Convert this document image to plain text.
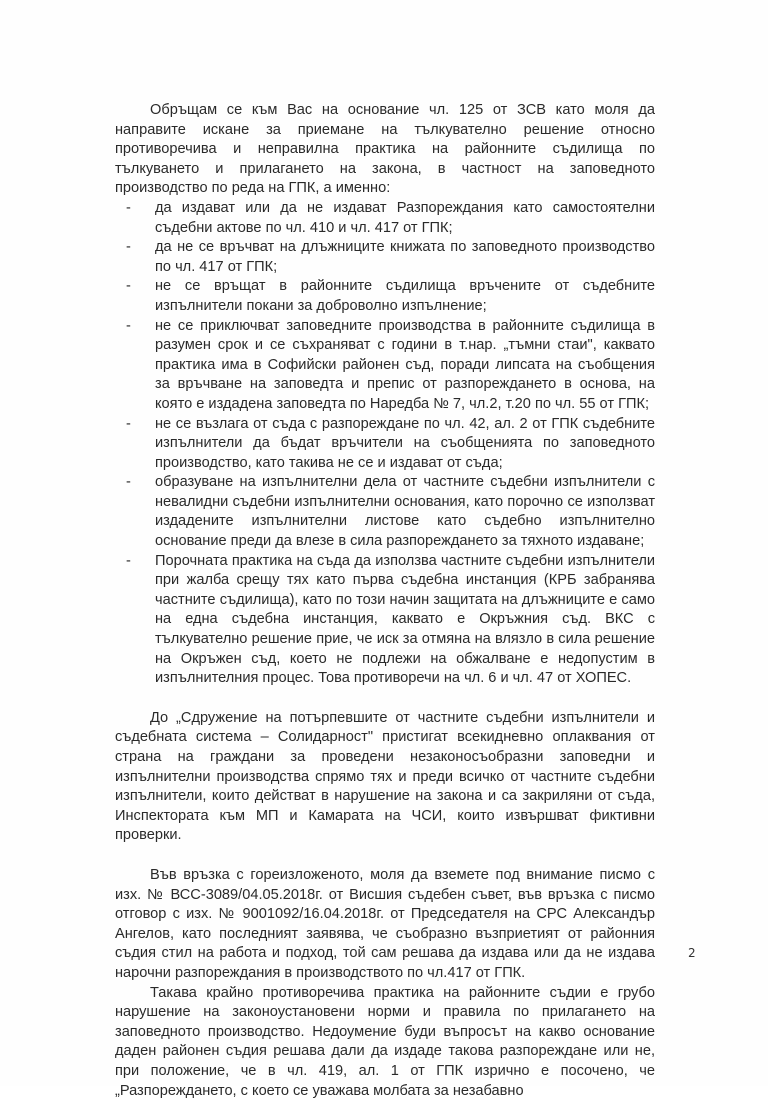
Обръщам се към Вас на основание чл. 125 от ЗСВ като моля да направите искане за приемане на тълкувателно решение относно противоречива и неправилна практика на районните съдилища по тълкуването и прилагането на закона, в частност на заповедното производство по реда на ГПК, а именно:

- да издават или да не издават Разпореждания като самостоятелни съдебни актове по чл. 410 и чл. 417 от ГПК;
- да не се връчват на длъжниците книжата по заповедното производство по чл. 417 от ГПК;
- не се връщат в районните съдилища връчените от съдебните изпълнители покани за доброволно изпълнение;
- не се приключват заповедните производства в районните съдилища в разумен срок и се съхраняват с години в т.нар. „тъмни стаи", каквато практика има в Софийски районен съд, поради липсата на съобщения за връчване на заповедта и препис от разпореждането в основа, на която е издадена заповедта по Наредба № 7, чл.2, т.20 по чл. 55 от ГПК;
- не се възлага от съда с разпореждане по чл. 42, ал. 2 от ГПК съдебните изпълнители да бъдат връчители на съобщенията по заповедното производство, като такива не се и издават от съда;
- образуване на изпълнителни дела от частните съдебни изпълнители с невалидни съдебни изпълнителни основания, като порочно се използват издадените изпълнителни листове като съдебно изпълнително основание преди да влезе в сила разпореждането за тяхното издаване;
- Порочната практика на съда да използва частните съдебни изпълнители при жалба срещу тях като първа съдебна инстанция (КРБ забранява частните съдилища), като по този начин защитата на длъжниците е само на една съдебна инстанция, каквато е Окръжния съд. ВКС с тълкувателно решение прие, че иск за отмяна на влязло в сила решение на Окръжен съд, което не подлежи на обжалване е недопустим в изпълнителния процес. Това противоречи на чл. 6 и чл. 47 от ХОПЕС.

До „Сдружение на потърпевшите от частните съдебни изпълнители и съдебната система – Солидарност" пристигат всекидневно оплаквания от страна на граждани за проведени незаконосъобразни заповедни и изпълнителни производства спрямо тях и преди всичко от частните съдебни изпълнители, които действат в нарушение на закона и са закриляни от съда, Инспектората към МП и Камарата на ЧСИ, които извършват фиктивни проверки.

Във връзка с гореизложеното, моля да вземете под внимание писмо с изх. № ВСС-3089/04.05.2018г. от Висшия съдебен съвет, във връзка с писмо отговор с изх. № 9001092/16.04.2018г. от Председателя на СРС Александър Ангелов, като последният заявява, че съобразно възприетият от районния съдия стил на работа и подход, той сам решава да издава или да не издава нарочни разпореждания в производството по чл.417 от ГПК.

Такава крайно противоречива практика на районните съдии е грубо нарушение на законоустановени норми и правила по прилагането на заповедното производство. Недоумение буди въпросът на какво основание даден районен съдия решава дали да издаде такова разпореждане или не, при положение, че в чл. 419, ал. 1 от ГПК изрично е посочено, че „Разпореждането, с което се уважава молбата за незабавно

2
